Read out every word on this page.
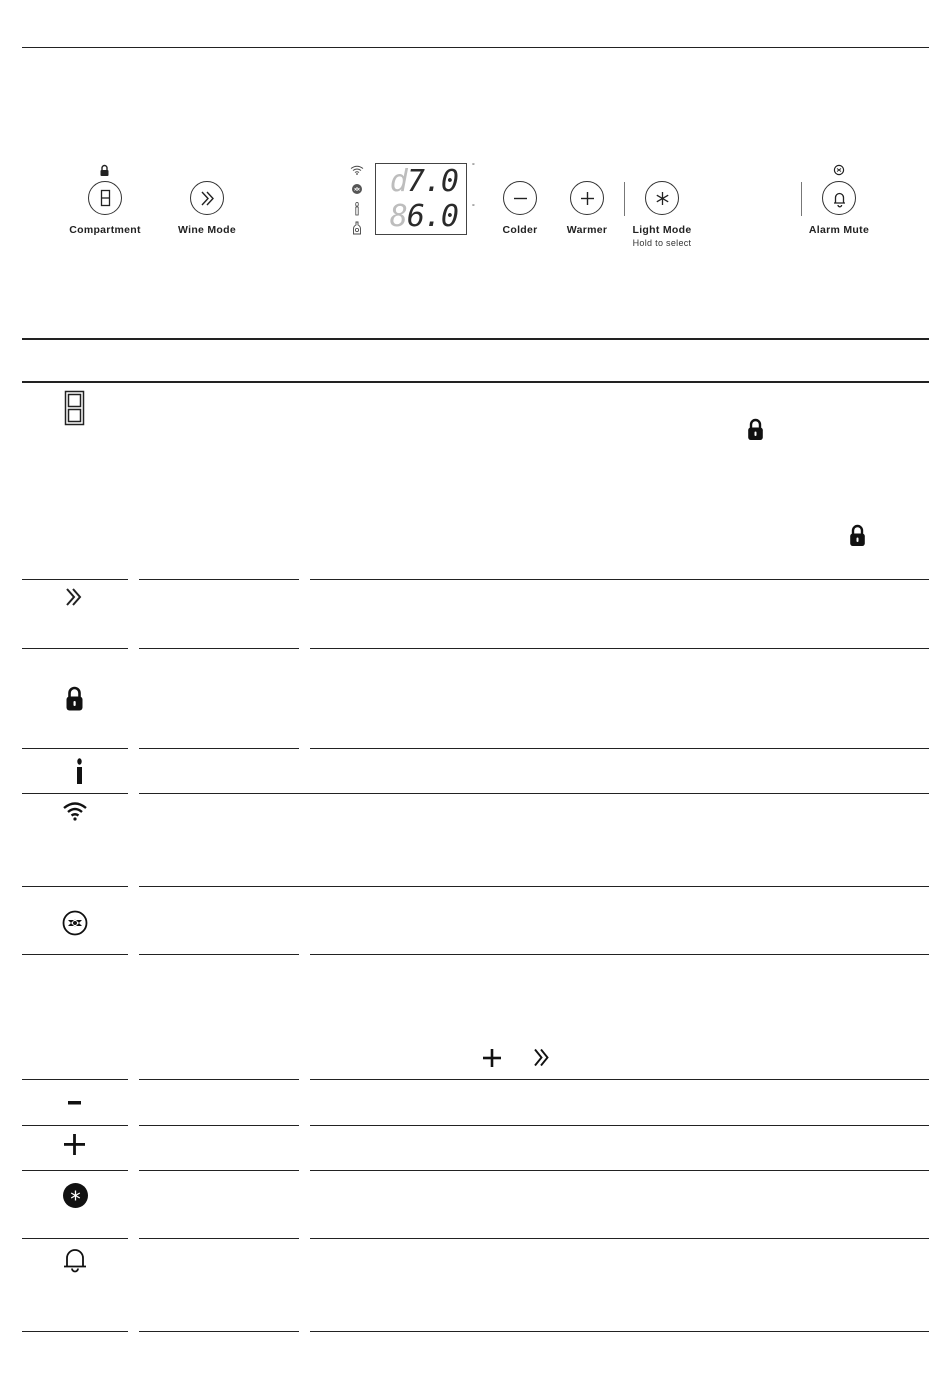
Compartment	Wine Mode
d7.0
86.0
°
°
Colder	Warmer Light Mode
Hold to select
Alarm Mute
